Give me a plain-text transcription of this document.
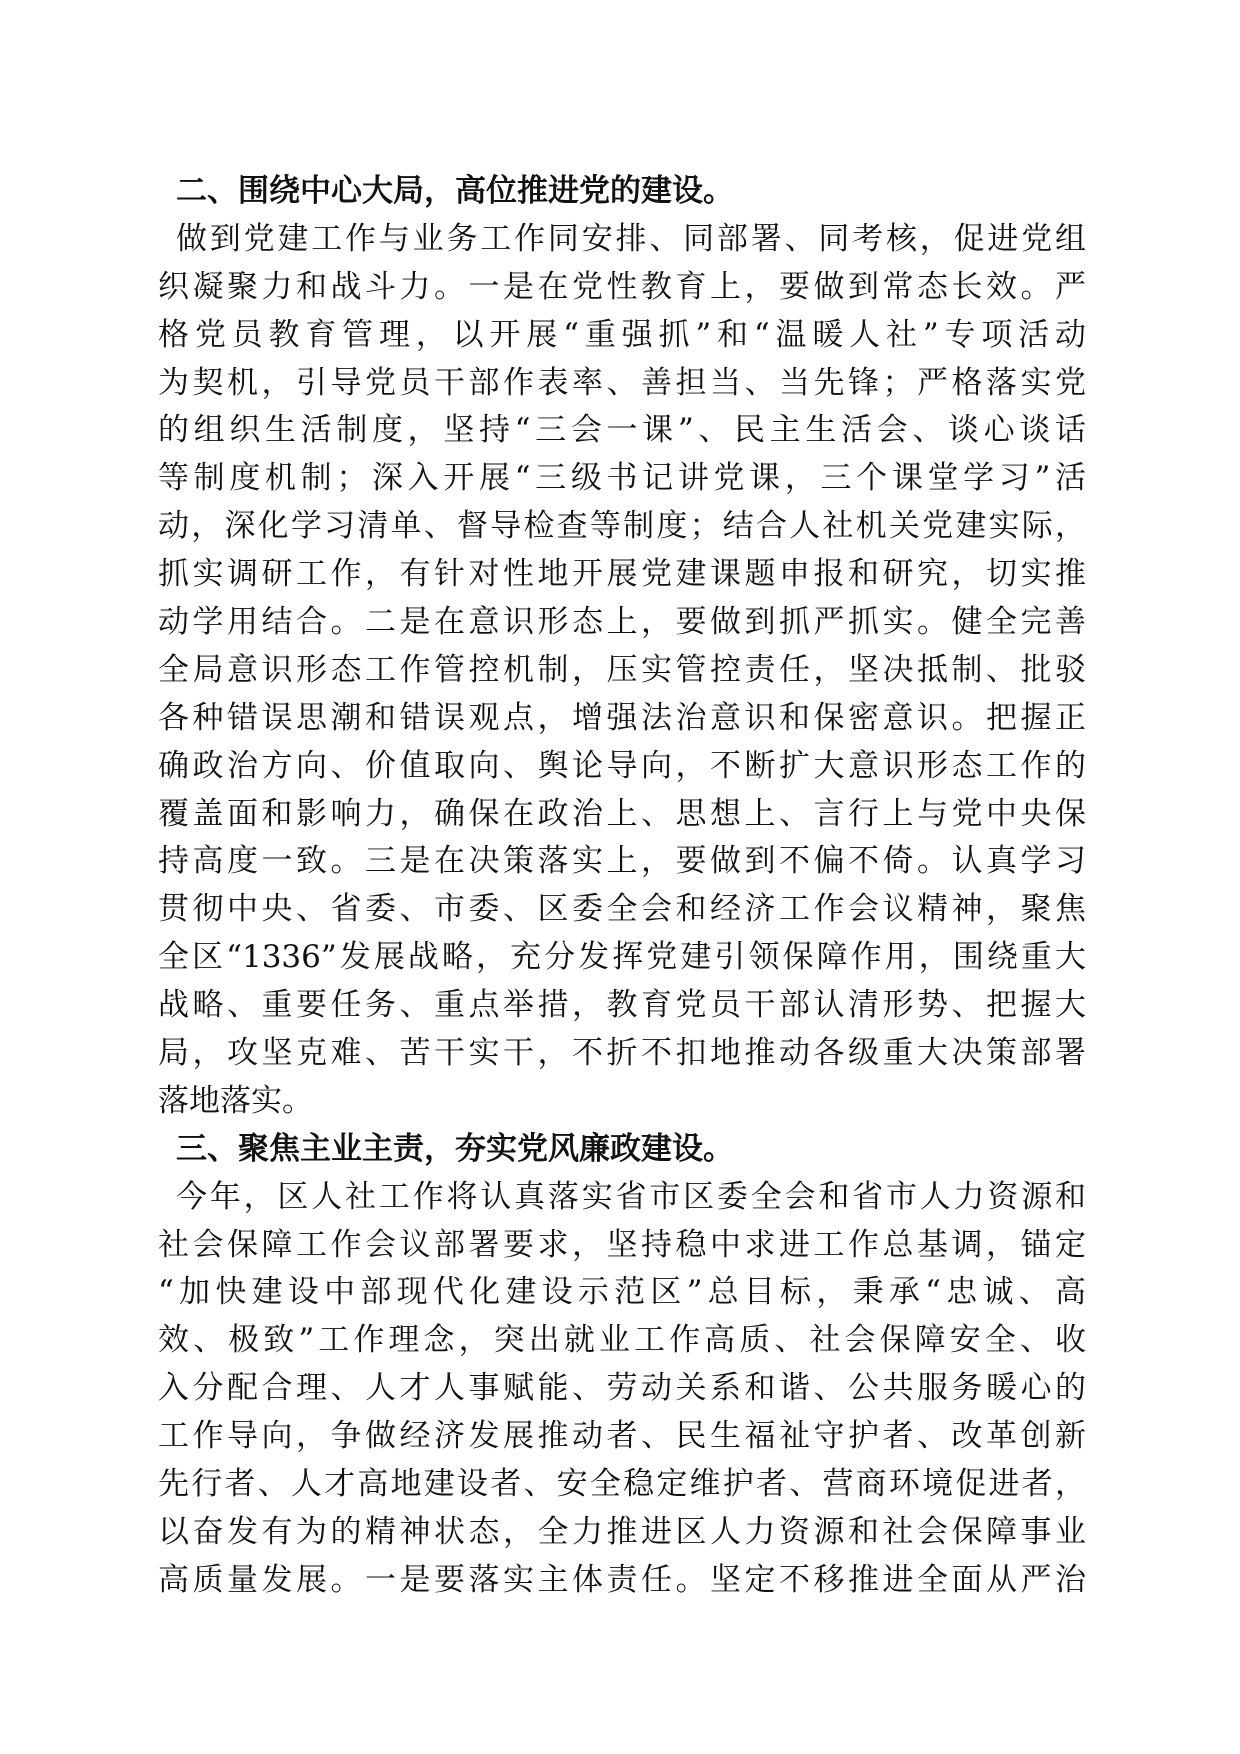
二、围绕中心大局，高位推进党的建设。
做到党建工作与业务工作同安排、同部署、同考核，促进党组
织凝聚力和战斗力。一是在党性教育上，要做到常态长效。严
格党员教育管理，以开展“重强抓”和“温暖人社”专项活动
为契机，引导党员干部作表率、善担当、当先锋；严格落实党
的组织生活制度，坚持“三会一课”、民主生活会、谈心谈话
等制度机制；深入开展“三级书记讲党课，三个课堂学习”活
动，深化学习清单、督导检查等制度；结合人社机关党建实际，
抓实调研工作，有针对性地开展党建课题申报和研究，切实推
动学用结合。二是在意识形态上，要做到抓严抓实。健全完善
全局意识形态工作管控机制，压实管控责任，坚决抵制、批驳
各种错误思潮和错误观点，增强法治意识和保密意识。把握正
确政治方向、价值取向、舆论导向，不断扩大意识形态工作的
覆盖面和影响力，确保在政治上、思想上、言行上与党中央保
持高度一致。三是在决策落实上，要做到不偏不倚。认真学习
贯彻中央、省委、市委、区委全会和经济工作会议精神，聚焦
全区“1336”发展战略，充分发挥党建引领保障作用，围绕重大
战略、重要任务、重点举措，教育党员干部认清形势、把握大
局，攻坚克难、苦干实干，不折不扣地推动各级重大决策部署
落地落实。
三、聚焦主业主责，夯实党风廉政建设。
今年，区人社工作将认真落实省市区委全会和省市人力资源和
社会保障工作会议部署要求，坚持稳中求进工作总基调，锚定
“加快建设中部现代化建设示范区”总目标，秉承“忠诚、高
效、极致”工作理念，突出就业工作高质、社会保障安全、收
入分配合理、人才人事赋能、劳动关系和谐、公共服务暖心的
工作导向，争做经济发展推动者、民生福祉守护者、改革创新
先行者、人才高地建设者、安全稳定维护者、营商环境促进者，
以奋发有为的精神状态，全力推进区人力资源和社会保障事业
高质量发展。一是要落实主体责任。坚定不移推进全面从严治
